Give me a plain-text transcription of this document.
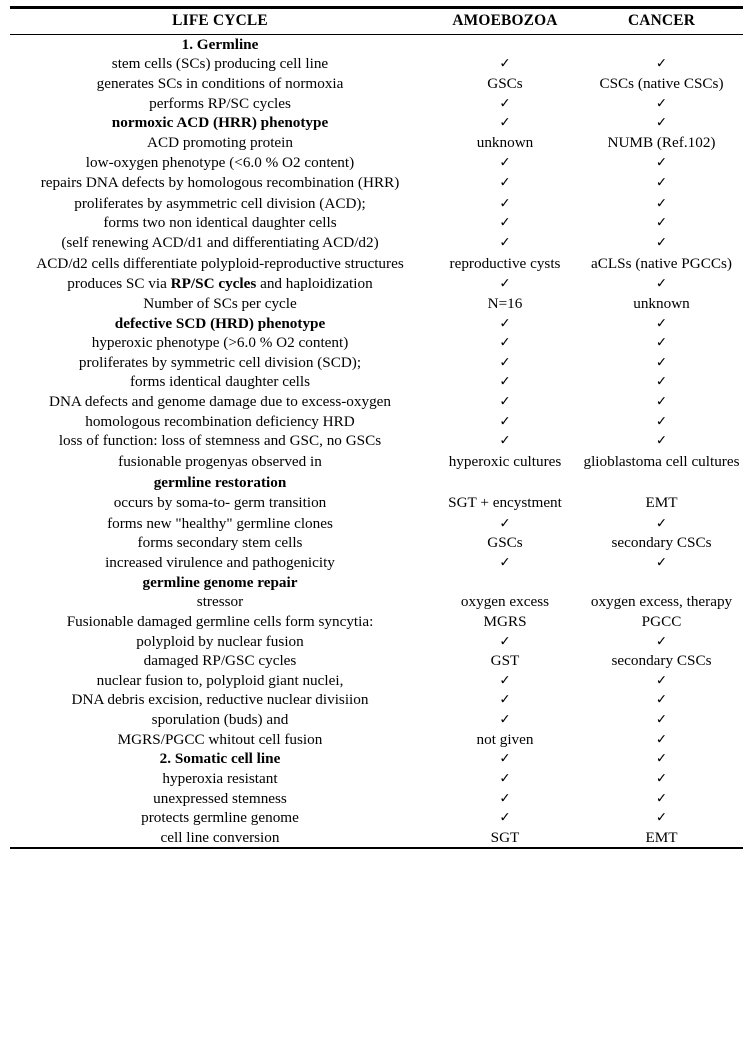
LIFE CYCLE	AMOEBOZOA	CANCER
1. Germline		
stem cells (SCs) producing cell line	✓	✓
generates SCs in conditions of normoxia	GSCs	CSCs (native CSCs)
performs RP/SC cycles	✓	✓
normoxic ACD (HRR) phenotype	✓	✓
ACD promoting protein	unknown	NUMB (Ref.102)
low-oxygen phenotype (<6.0 % O2 content)	✓	✓
repairs DNA defects by homologous recombination (HRR)	✓	✓
proliferates by asymmetric cell division (ACD);	✓	✓
forms two non identical daughter cells	✓	✓
(self renewing ACD/d1 and differentiating ACD/d2)	✓	✓
ACD/d2 cells differentiate polyploid-reproductive structures	reproductive cysts	aCLSs (native PGCCs)
produces SC via RP/SC cycles and haploidization	✓	✓
Number of SCs per cycle	N=16	unknown
defective SCD (HRD) phenotype	✓	✓
hyperoxic phenotype (>6.0 % O2 content)	✓	✓
proliferates by symmetric cell division (SCD);	✓	✓
forms identical daughter cells	✓	✓
DNA defects and genome damage due to excess-oxygen	✓	✓
homologous recombination deficiency HRD	✓	✓
loss of function: loss of stemness and GSC, no GSCs	✓	✓
fusionable progenyas observed in	hyperoxic cultures	glioblastoma cell cultures
germline restoration		
occurs by soma-to- germ transition	SGT + encystment	EMT
forms new "healthy" germline clones	✓	✓
forms secondary stem cells	GSCs	secondary CSCs
increased virulence and pathogenicity	✓	✓
germline genome repair		
stressor	oxygen excess	oxygen excess, therapy
Fusionable damaged germline cells form syncytia:	MGRS	PGCC
polyploid by nuclear fusion	✓	✓
damaged RP/GSC cycles	GST	secondary CSCs
nuclear fusion to, polyploid giant nuclei,	✓	✓
DNA debris excision, reductive nuclear divisiion	✓	✓
sporulation (buds) and	✓	✓
MGRS/PGCC whitout cell fusion	not given	✓
2. Somatic cell line	✓	✓
hyperoxia resistant	✓	✓
unexpressed stemness	✓	✓
protects germline genome	✓	✓
cell line conversion	SGT	EMT
